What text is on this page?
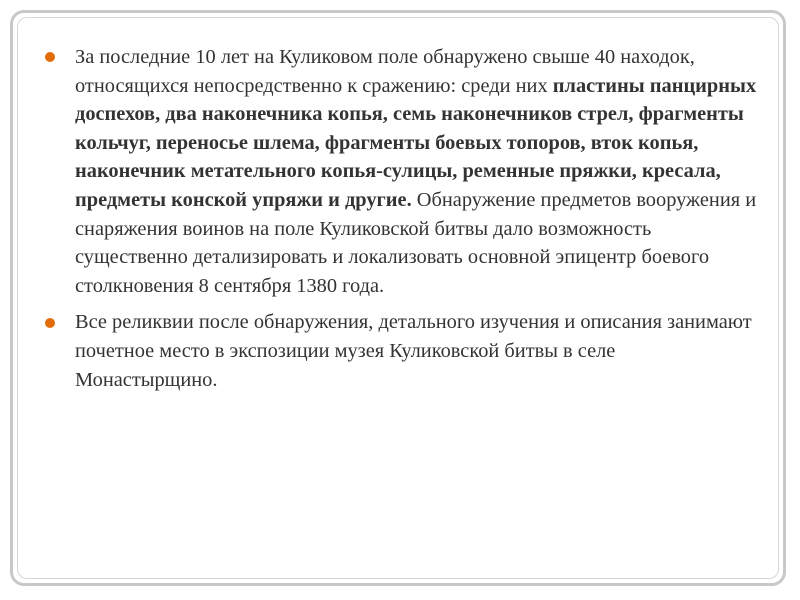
За последние 10 лет на Куликовом поле обнаружено свыше 40 находок, относящихся непосредственно к сражению: среди них пластины панцирных доспехов, два наконечника копья, семь наконечников стрел, фрагменты кольчуг, переносье шлема, фрагменты боевых топоров, вток копья, наконечник метательного копья-сулицы, ременные пряжки, кресала, предметы конской упряжи и другие. Обнаружение предметов вооружения и снаряжения воинов на поле Куликовской битвы дало возможность существенно детализировать и локализовать основной эпицентр боевого столкновения 8 сентября 1380 года.
Все реликвии после обнаружения, детального изучения и описания занимают почетное место в экспозиции музея Куликовской битвы в селе Монастырщино.
